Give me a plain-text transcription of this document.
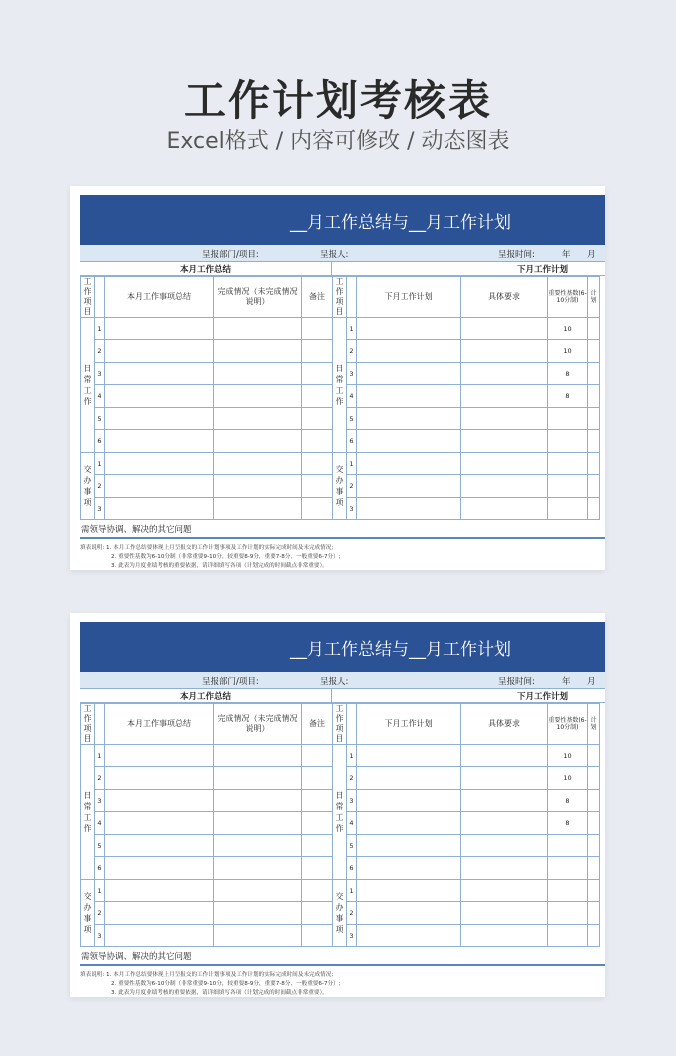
工作计划考核表
Excel格式 / 内容可修改 / 动态图表
__月工作总结与__月工作计划
呈报部门/项目:	呈报人:	呈报时间:	年 月
本月工作总结	下月工作计划
工作项目		本月工作事项总结	完成情况（未完成情况说明）	备注	工作项目		下月工作计划	具体要求	重要性基数(6-10分制)	计划
日常工作	1				日常工作	1			10	
	2					2			10	
	3					3			8	
	4					4			8	
	5					5				
	6					6				
交办事项	1				交办事项	1				
	2					2				
	3					3				
需领导协调、解决的其它问题
填表说明: 1. 本月工作总结要体现上月呈报交的工作计划事项及工作计划的实际完成时间及未完成情况;
2. 重要性基数为6-10分制（非常重要9-10分，较重要8-9分，重要7-8分，一般重要6-7分）;
3. 此表为月度业绩考核的重要依据，请详细填写各项（计划完成的时间截点非常重要）。
__月工作总结与__月工作计划
呈报部门/项目:	呈报人:	呈报时间:	年 月
本月工作总结	下月工作计划
工作项目		本月工作事项总结	完成情况（未完成情况说明）	备注	工作项目		下月工作计划	具体要求	重要性基数(6-10分制)	计划
日常工作	1				日常工作	1			10	
	2					2			10	
	3					3			8	
	4					4			8	
	5					5				
	6					6				
交办事项	1				交办事项	1				
	2					2				
	3					3				
需领导协调、解决的其它问题
填表说明: 1. 本月工作总结要体现上月呈报交的工作计划事项及工作计划的实际完成时间及未完成情况;
2. 重要性基数为6-10分制（非常重要9-10分，较重要8-9分，重要7-8分，一般重要6-7分）;
3. 此表为月度业绩考核的重要依据，请详细填写各项（计划完成的时间截点非常重要）。
